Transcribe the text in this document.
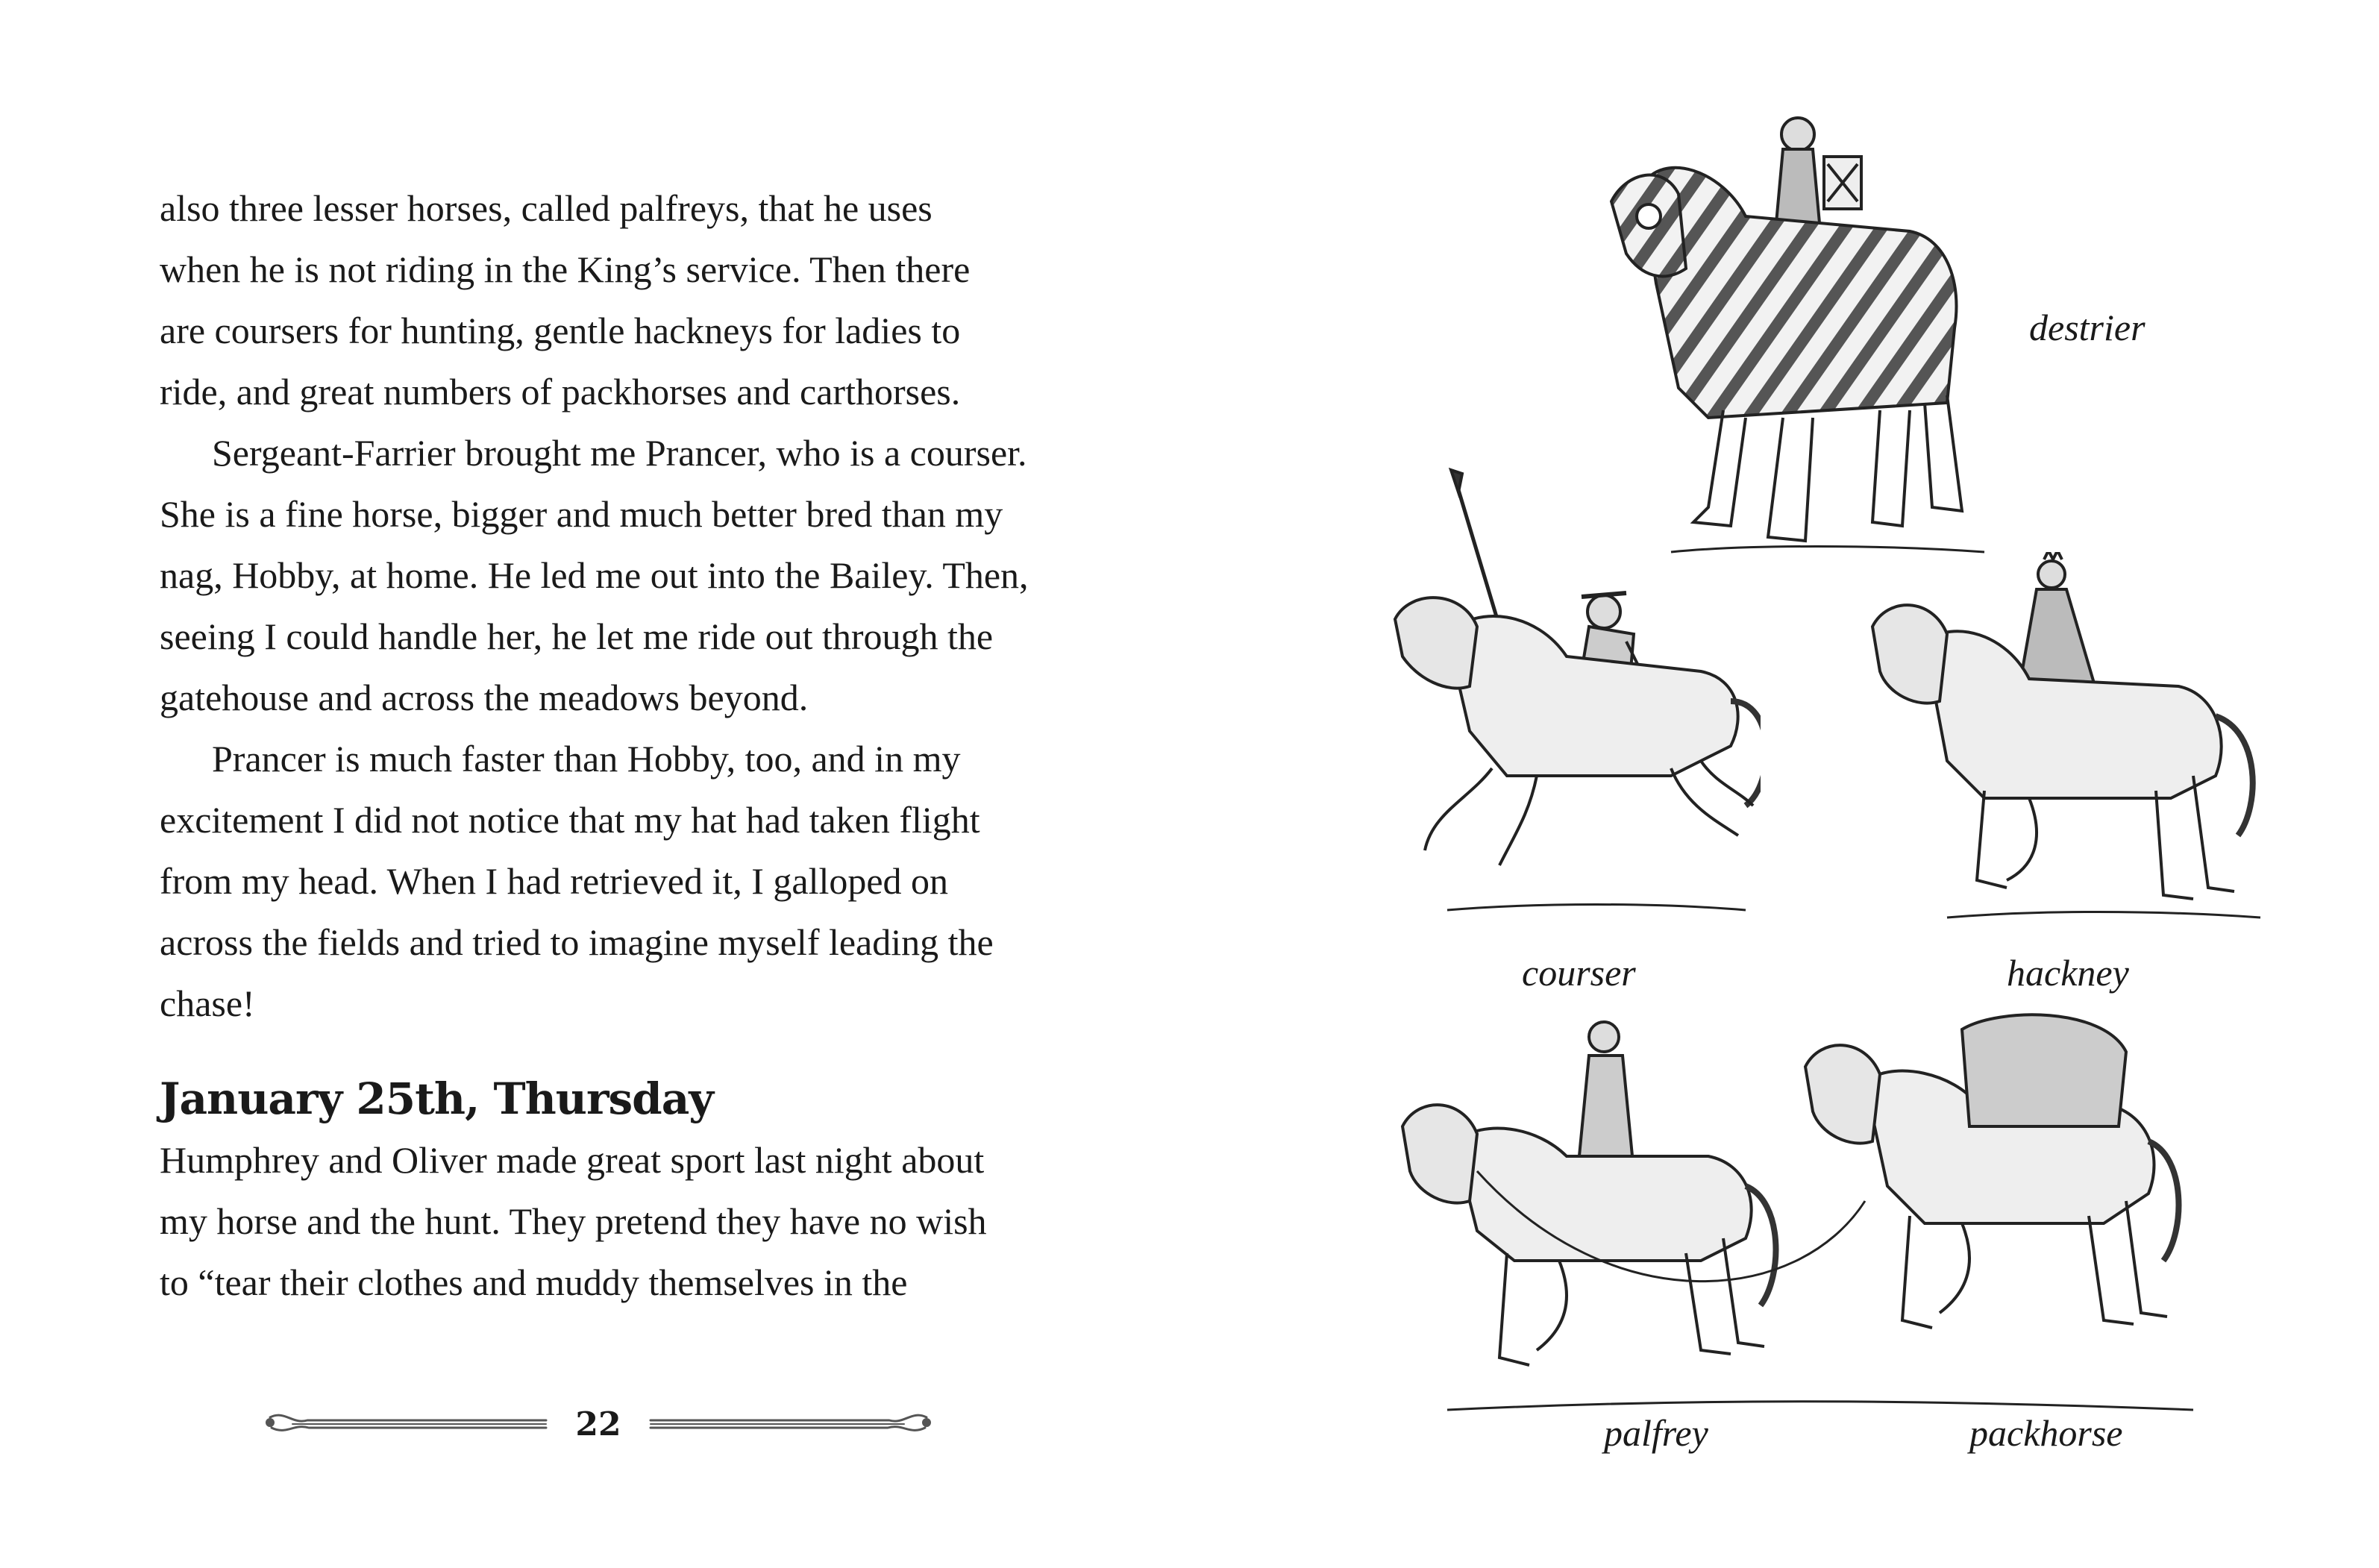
also three lesser horses, called palfreys, that he uses
when he is not riding in the King’s service. Then there
are coursers for hunting, gentle hackneys for ladies to
ride, and great numbers of packhorses and carthorses.

Sergeant-Farrier brought me Prancer, who is a courser.
She is a fine horse, bigger and much better bred than my
nag, Hobby, at home. He led me out into the Bailey. Then,
seeing I could handle her, he let me ride out through the
gatehouse and across the meadows beyond.

Prancer is much faster than Hobby, too, and in my
excitement I did not notice that my hat had taken flight
from my head. When I had retrieved it, I galloped on
across the fields and tried to imagine myself leading the
chase!

January 25th, Thursday

Humphrey and Oliver made great sport last night about
my horse and the hunt. They pretend they have no wish
to “tear their clothes and muddy themselves in the

22
destrier
courser	hackney
palfrey	packhorse
